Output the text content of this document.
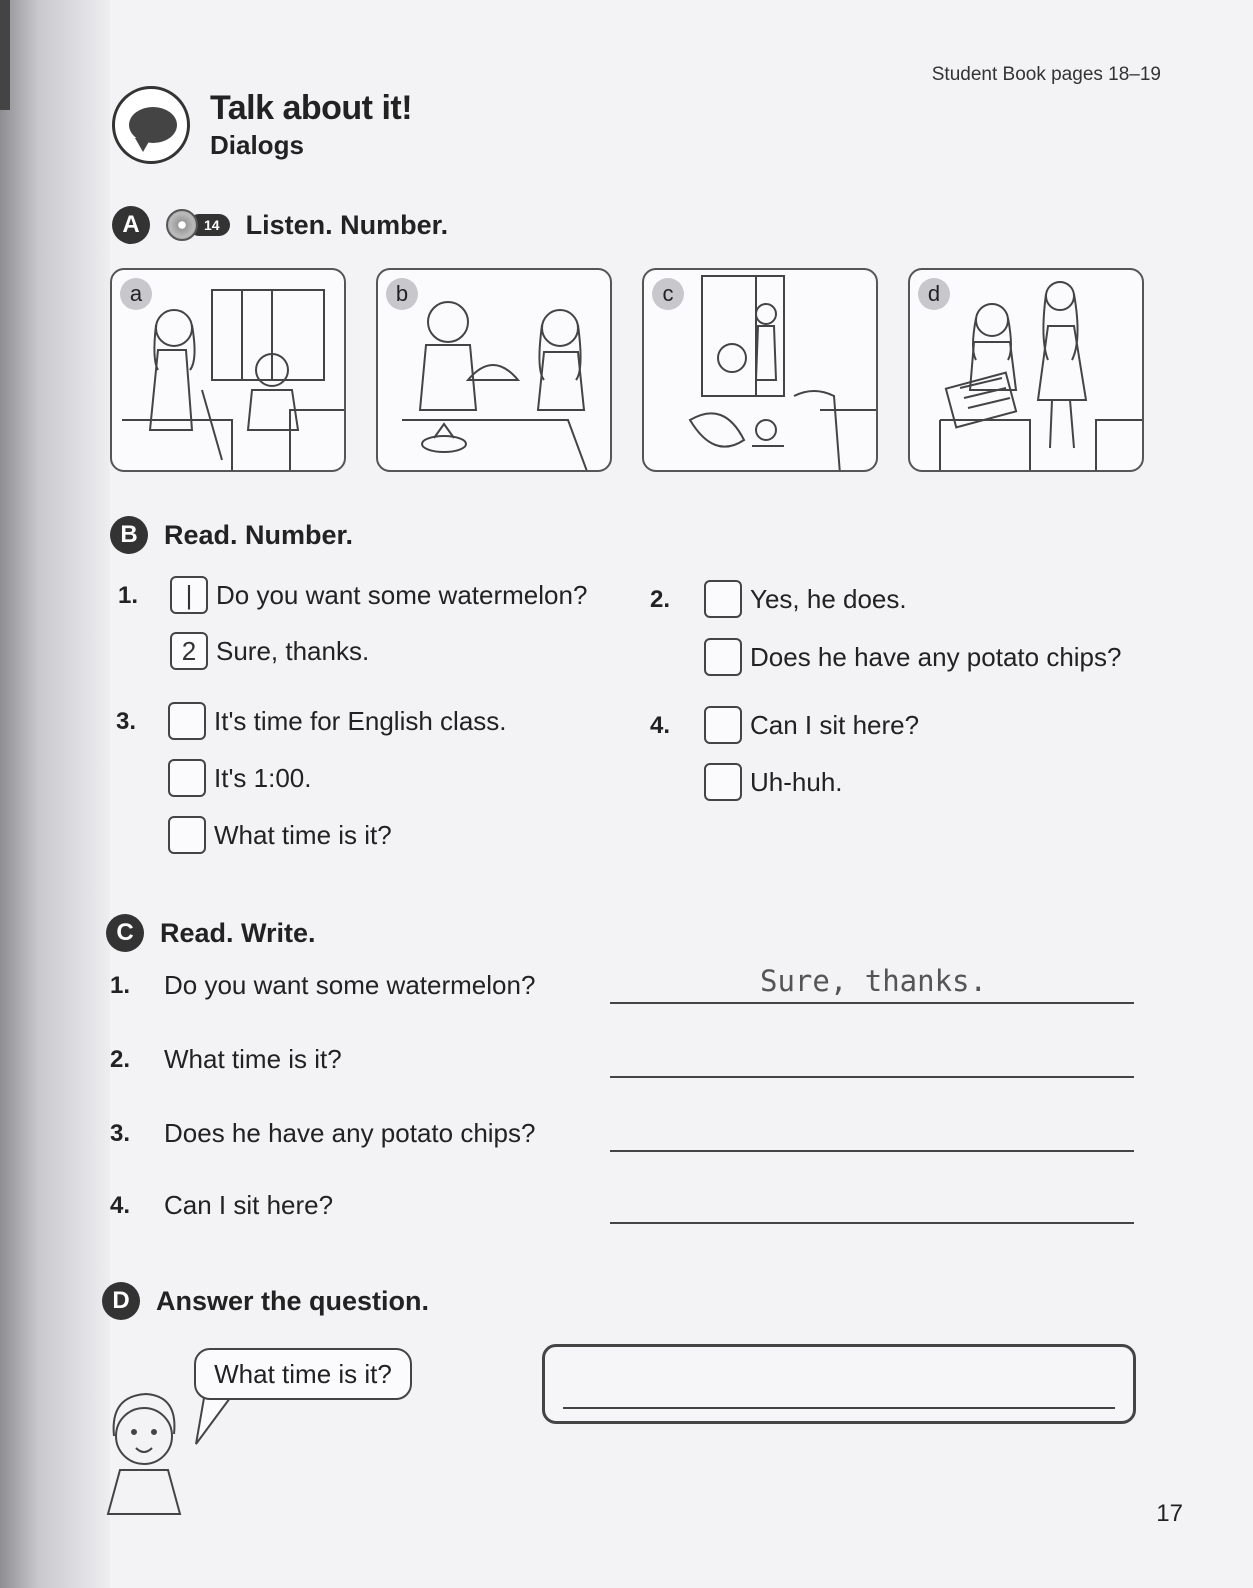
Student Book pages 18–19
Talk about it!
Dialogs
A	14 Listen. Number.
a	b	c	d
B Read. Number.
1.	| Do you want some watermelon?
2 Sure, thanks.
2.	Yes, he does.
Does he have any potato chips?
3.	It's time for English class.
It's 1:00.
What time is it?
4.	Can I sit here?
Uh-huh.
C Read. Write.
1. Do you want some watermelon?	Sure, thanks.
2. What time is it?
3. Does he have any potato chips?
4. Can I sit here?
D Answer the question.
What time is it?
17
